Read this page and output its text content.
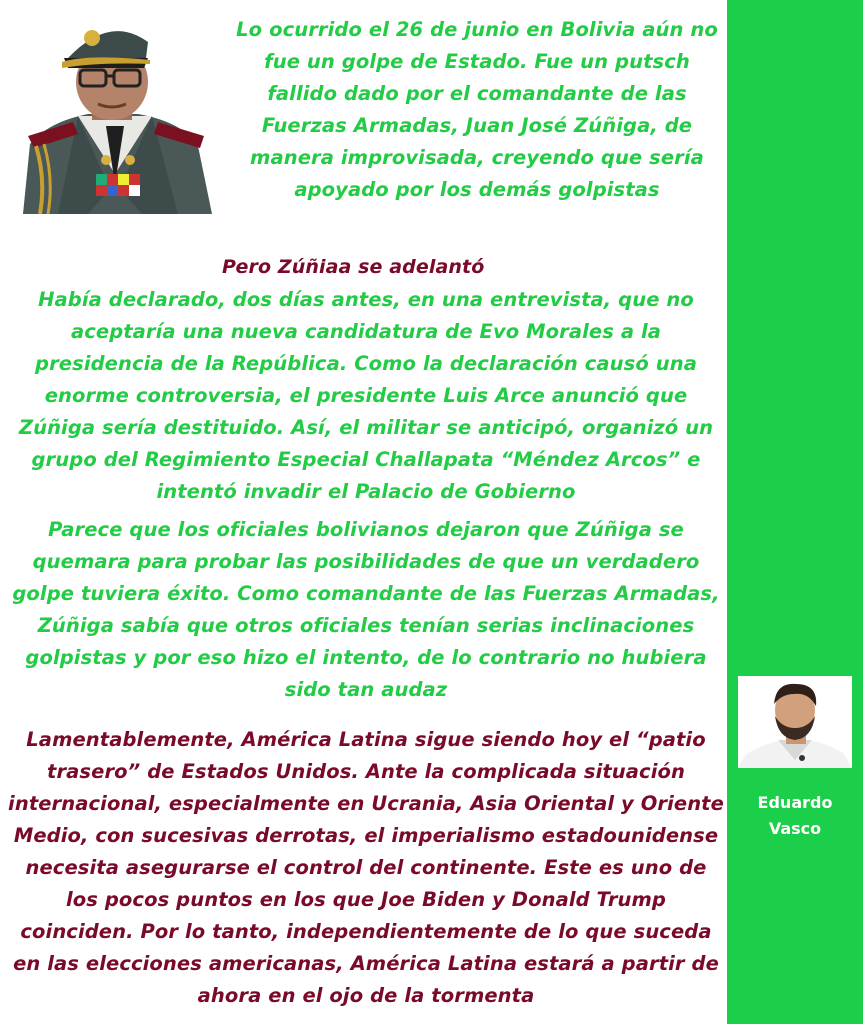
Lo ocurrido el 26 de junio en Bolivia aún no fue un golpe de Estado. Fue un putsch fallido dado por el comandante de las Fuerzas Armadas, Juan José Zúñiga, de manera improvisada, creyendo que sería apoyado por los demás golpistas

Pero Zúñiaa se adelantó

Había declarado, dos días antes, en una entrevista, que no aceptaría una nueva candidatura de Evo Morales a la presidencia de la República. Como la declaración causó una enorme controversia, el presidente Luis Arce anunció que Zúñiga sería destituido. Así, el militar se anticipó, organizó un grupo del Regimiento Especial Challapata “Méndez Arcos” e intentó invadir el Palacio de Gobierno

Parece que los oficiales bolivianos dejaron que Zúñiga se quemara para probar las posibilidades de que un verdadero golpe tuviera éxito. Como comandante de las Fuerzas Armadas, Zúñiga sabía que otros oficiales tenían serias inclinaciones golpistas y por eso hizo el intento, de lo contrario no hubiera sido tan audaz

Lamentablemente, América Latina sigue siendo hoy el “patio trasero” de Estados Unidos. Ante la complicada situación internacional, especialmente en Ucrania, Asia Oriental y Oriente Medio, con sucesivas derrotas, el imperialismo estadounidense necesita asegurarse el control del continente. Este es uno de los pocos puntos en los que Joe Biden y Donald Trump coinciden. Por lo tanto, independientemente de lo que suceda en las elecciones americanas, América Latina estará a partir de ahora en el ojo de la tormenta

Eduardo
Vasco
